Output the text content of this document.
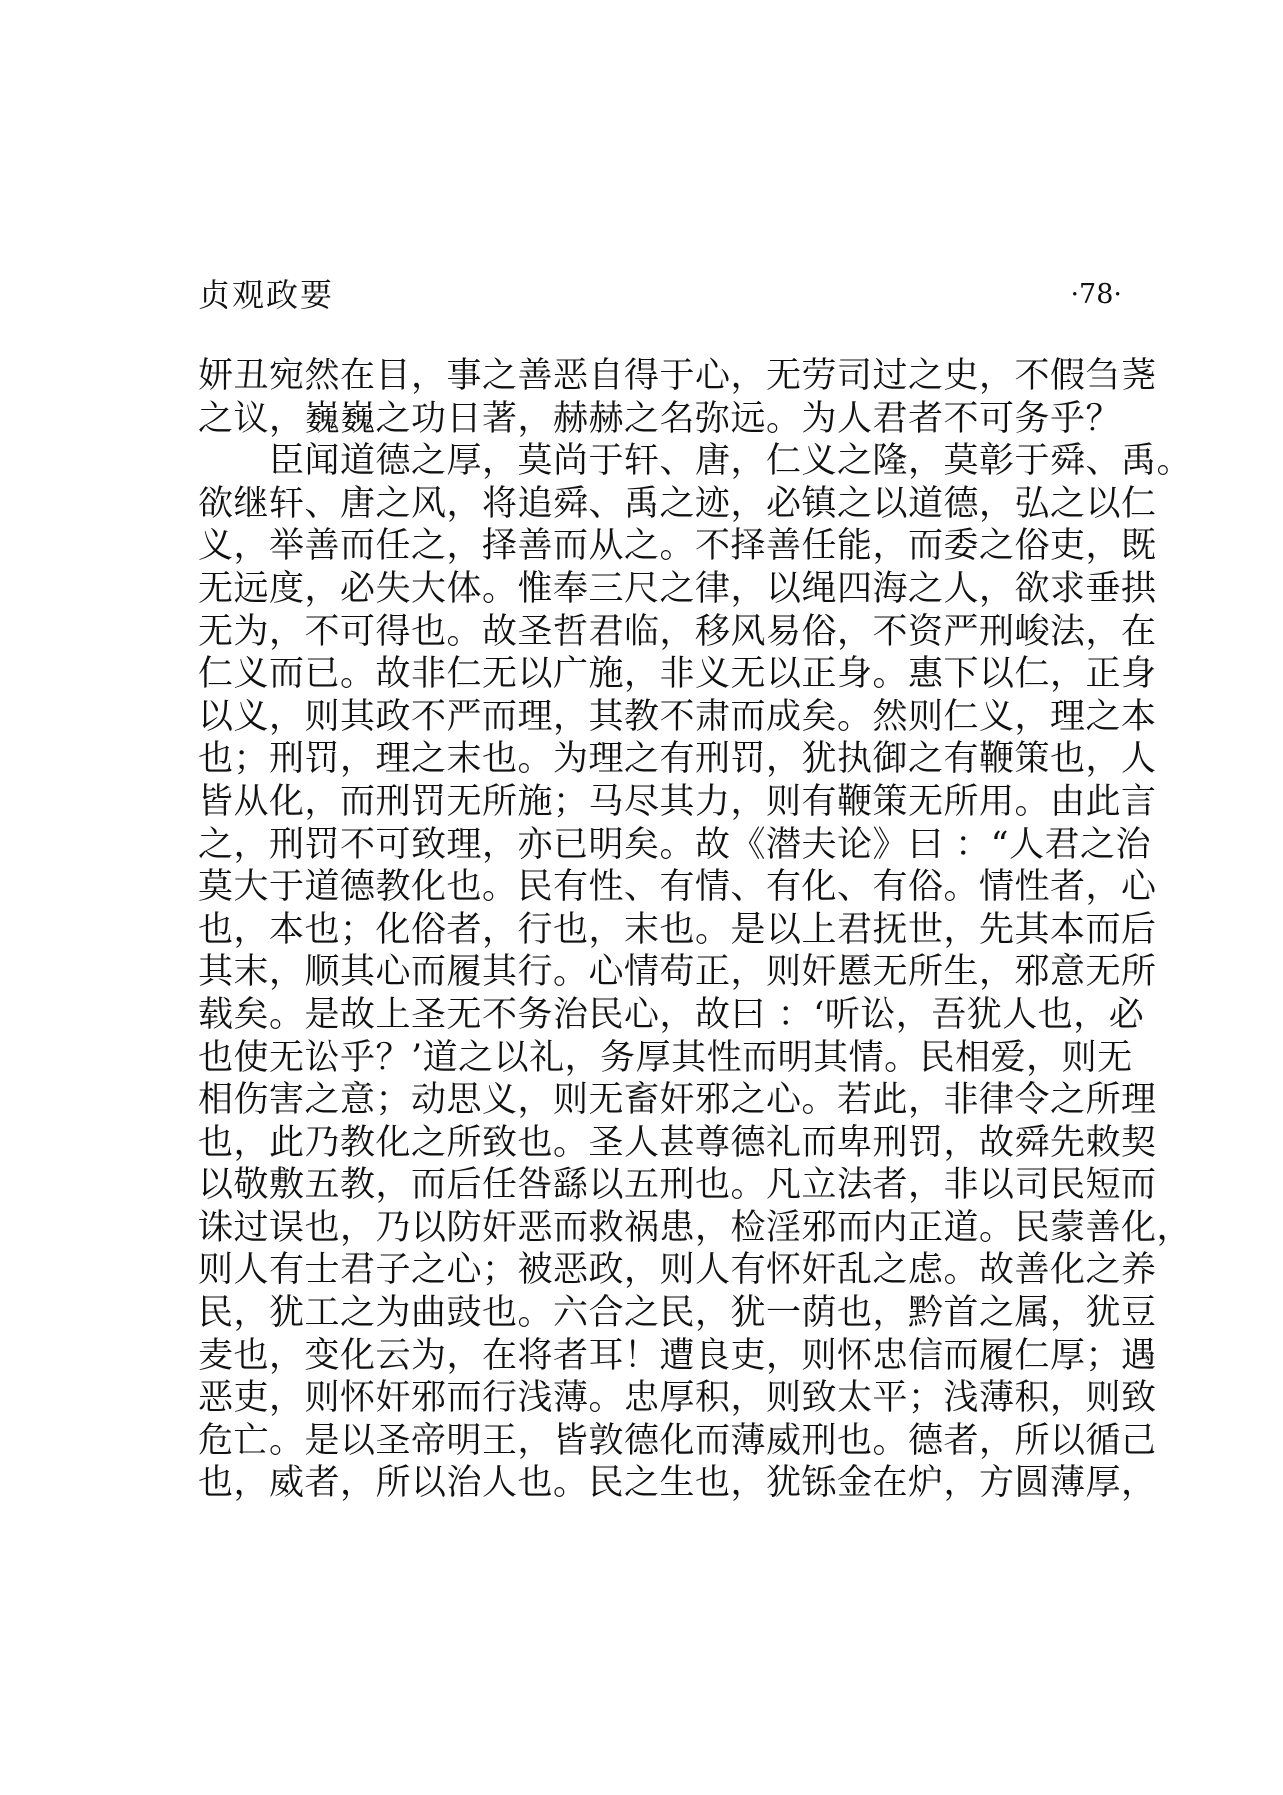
贞观政要	·78·
妍丑宛然在目，事之善恶自得于心，无劳司过之史，不假刍荛
之议，巍巍之功日著，赫赫之名弥远。为人君者不可务乎？
　　臣闻道德之厚，莫尚于轩、唐，仁义之隆，莫彰于舜、禹。
欲继轩、唐之风，将追舜、禹之迹，必镇之以道德，弘之以仁
义，举善而任之，择善而从之。不择善任能，而委之俗吏，既
无远度，必失大体。惟奉三尺之律，以绳四海之人，欲求垂拱
无为，不可得也。故圣哲君临，移风易俗，不资严刑峻法，在
仁义而已。故非仁无以广施，非义无以正身。惠下以仁，正身
以义，则其政不严而理，其教不肃而成矣。然则仁义，理之本
也；刑罚，理之末也。为理之有刑罚，犹执御之有鞭策也，人
皆从化，而刑罚无所施；马尽其力，则有鞭策无所用。由此言
之，刑罚不可致理，亦已明矣。故《潜夫论》曰 ：“人君之治
莫大于道德教化也。民有性、有情、有化、有俗。情性者，心
也，本也；化俗者，行也，末也。是以上君抚世，先其本而后
其末，顺其心而履其行。心情苟正，则奸慝无所生，邪意无所
载矣。是故上圣无不务治民心，故曰 ：‘听讼，吾犹人也，必
也使无讼乎？’道之以礼，务厚其性而明其情。民相爱，则无
相伤害之意；动思义，则无畜奸邪之心。若此，非律令之所理
也，此乃教化之所致也。圣人甚尊德礼而卑刑罚，故舜先敕契
以敬敷五教，而后任咎繇以五刑也。凡立法者，非以司民短而
诛过误也，乃以防奸恶而救祸患，检淫邪而内正道。民蒙善化，
则人有士君子之心；被恶政，则人有怀奸乱之虑。故善化之养
民，犹工之为曲豉也。六合之民，犹一荫也，黔首之属，犹豆
麦也，变化云为，在将者耳！遭良吏，则怀忠信而履仁厚；遇
恶吏，则怀奸邪而行浅薄。忠厚积，则致太平；浅薄积，则致
危亡。是以圣帝明王，皆敦德化而薄威刑也。德者，所以循己
也，威者，所以治人也。民之生也，犹铄金在炉，方圆薄厚，
